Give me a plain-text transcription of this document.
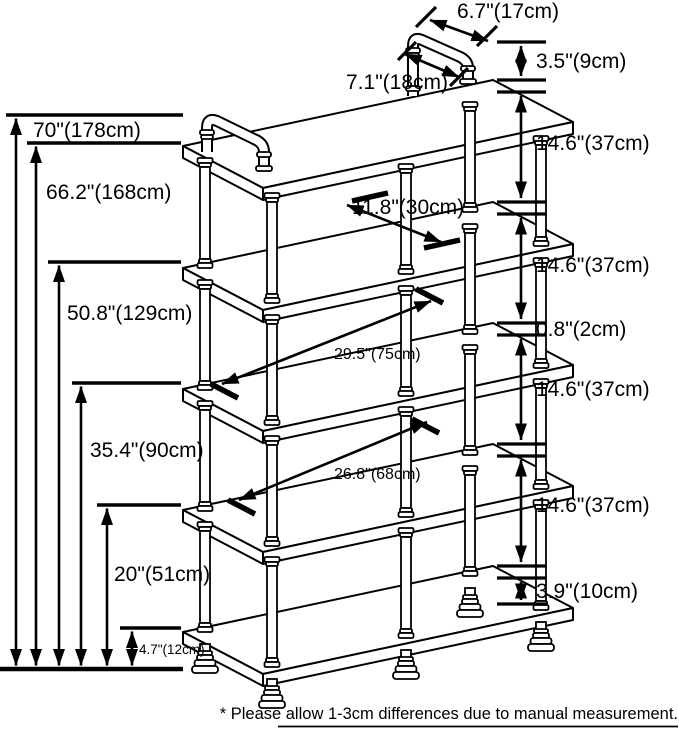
70"(178cm)
66.2"(168cm)
50.8"(129cm)
35.4"(90cm)
20"(51cm)
4.7"(12cm)
3.5"(9cm)
14.6"(37cm)
14.6"(37cm)
0.8"(2cm)
14.6"(37cm)
14.6"(37cm)
3.9"(10cm)
6.7"(17cm)
7.1"(18cm)
11.8"(30cm)
29.5"(75cm)
26.8"(68cm)
* Please allow 1-3cm differences due to manual measurement.
